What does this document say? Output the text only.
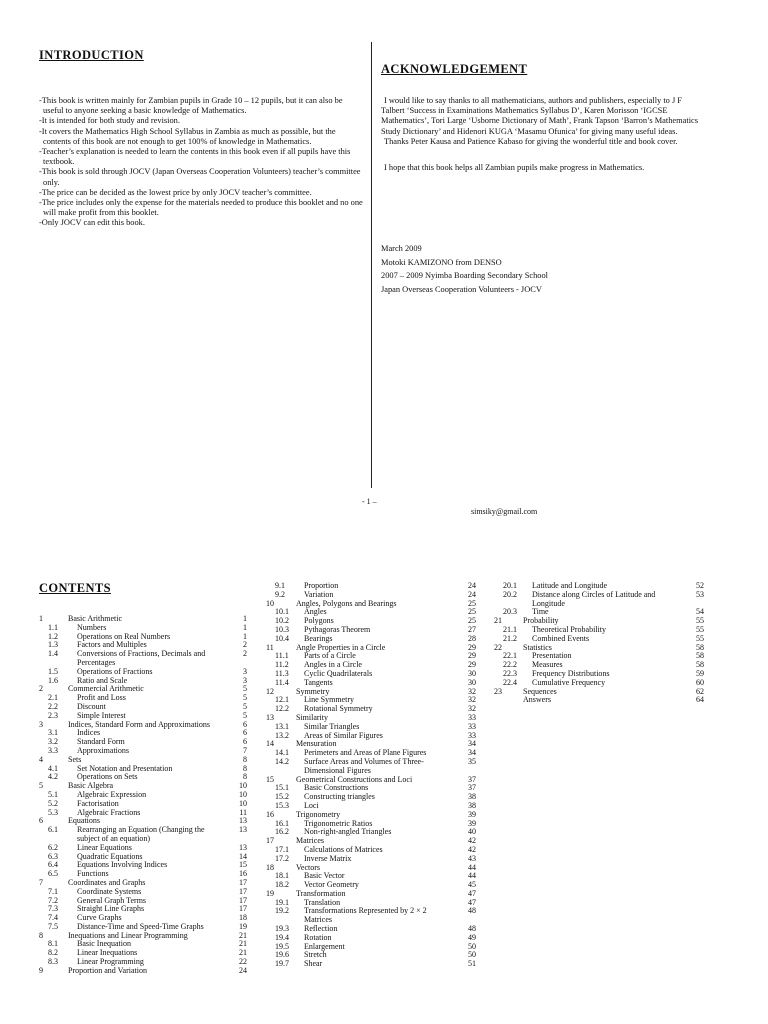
INTRODUCTION

-This book is written mainly for Zambian pupils in Grade 10 – 12 pupils, but it can also be useful to anyone seeking a basic knowledge of Mathematics.

-It is intended for both study and revision.

-It covers the Mathematics High School Syllabus in Zambia as much as possible, but the contents of this book are not enough to get 100% of knowledge in Mathematics.

-Teacher’s explanation is needed to learn the contents in this book even if all pupils have this textbook.

-This book is sold through JOCV (Japan Overseas Cooperation Volunteers) teacher’s committee only.

-The price can be decided as the lowest price by only JOCV teacher’s committee.

-The price includes only the expense for the materials needed to produce this booklet and no one will make profit from this booklet.

-Only JOCV can edit this book.

ACKNOWLEDGEMENT

I would like to say thanks to all mathematicians, authors and publishers, especially to J F Talbert ‘Success in Examinations Mathematics Syllabus D’, Karen Morisson ‘IGCSE Mathematics’, Tori Large ‘Usborne Dictionary of Math’, Frank Tapson ‘Barron’s Mathematics Study Dictionary’ and Hidenori KUGA ‘Masamu Ofunica’ for giving many useful ideas.

Thanks Peter Kausa and Patience Kabaso for giving the wonderful title and book cover.

I hope that this book helps all Zambian pupils make progress in Mathematics.

March 2009
Motoki KAMIZONO from DENSO
2007 – 2009 Nyimba Boarding Secondary School
Japan Overseas Cooperation Volunteers - JOCV
- 1 –
simsiky@gmail.com
CONTENTS
1	Basic Arithmetic	1
1.1	Numbers	1
1.2	Operations on Real Numbers	1
1.3	Factors and Multiples	2
1.4	Conversions of Fractions, Decimals and Percentages
2
1.5	Operations of Fractions	3
1.6	Ratio and Scale	3
2	Commercial Arithmetic	5
2.1	Profit and Loss	5
2.2	Discount	5
2.3	Simple Interest	5
3	Indices, Standard Form and Approximations	6
3.1	Indices	6
3.2	Standard Form	6
3.3	Approximations	7
4	Sets	8
4.1	Set Notation and Presentation	8
4.2	Operations on Sets	8
5	Basic Algebra	10
5.1	Algebraic Expression	10
5.2	Factorisation	10
5.3	Algebraic Fractions	11
6	Equations	13
6.1	Rearranging an Equation (Changing the subject of an equation)
13
6.2	Linear Equations	13
6.3	Quadratic Equations	14
6.4	Equations Involving Indices	15
6.5	Functions	16
7	Coordinates and Graphs	17
7.1	Coordinate Systems	17
7.2	General Graph Terms	17
7.3	Straight Line Graphs	17
7.4	Curve Graphs	18
7.5	Distance-Time and Speed-Time Graphs	19
8	Inequations and Linear Programming	21
8.1	Basic Inequation	21
8.2	Linear Inequations	21
8.3	Linear Programming	22
9	Proportion and Variation	24
9.1	Proportion	24
9.2	Variation	24
10	Angles, Polygons and Bearings	25
10.1	Angles	25
10.2	Polygons	25
10.3	Pythagoras Theorem	27
10.4	Bearings	28
11	Angle Properties in a Circle	29
11.1	Parts of a Circle	29
11.2	Angles in a Circle	29
11.3	Cyclic Quadrilaterals	30
11.4	Tangents	30
12	Symmetry	32
12.1	Line Symmetry	32
12.2	Rotational Symmetry	32
13	Similarity	33
13.1	Similar Triangles	33
13.2	Areas of Similar Figures	33
14	Mensuration	34
14.1	Perimeters and Areas of Plane Figures	34
14.2	Surface Areas and Volumes of Three-Dimensional Figures
35
15	Geometrical Constructions and Loci	37
15.1	Basic Constructions	37
15.2	Constructing triangles	38
15.3	Loci	38
16	Trigonometry	39
16.1	Trigonometric Ratios	39
16.2	Non-right-angled Triangles	40
17	Matrices	42
17.1	Calculations of Matrices	42
17.2	Inverse Matrix	43
18	Vectors	44
18.1	Basic Vector	44
18.2	Vector Geometry	45
19	Transformation	47
19.1	Translation	47
19.2	Transformations Represented by 2 × 2 Matrices
48
19.3	Reflection	48
19.4	Rotation	49
19.5	Enlargement	50
19.6	Stretch	50
19.7	Shear	51
20.1	Latitude and Longitude	52
20.2	Distance along Circles of Latitude and Longitude
53
20.3	Time	54
21	Probability	55
21.1	Theoretical Probability	55
21.2	Combined Events	55
22	Statistics	58
22.1	Presentation	58
22.2	Measures	58
22.3	Frequency Distributions	59
22.4	Cumulative Frequency	60
23	Sequences	62
Answers	64
